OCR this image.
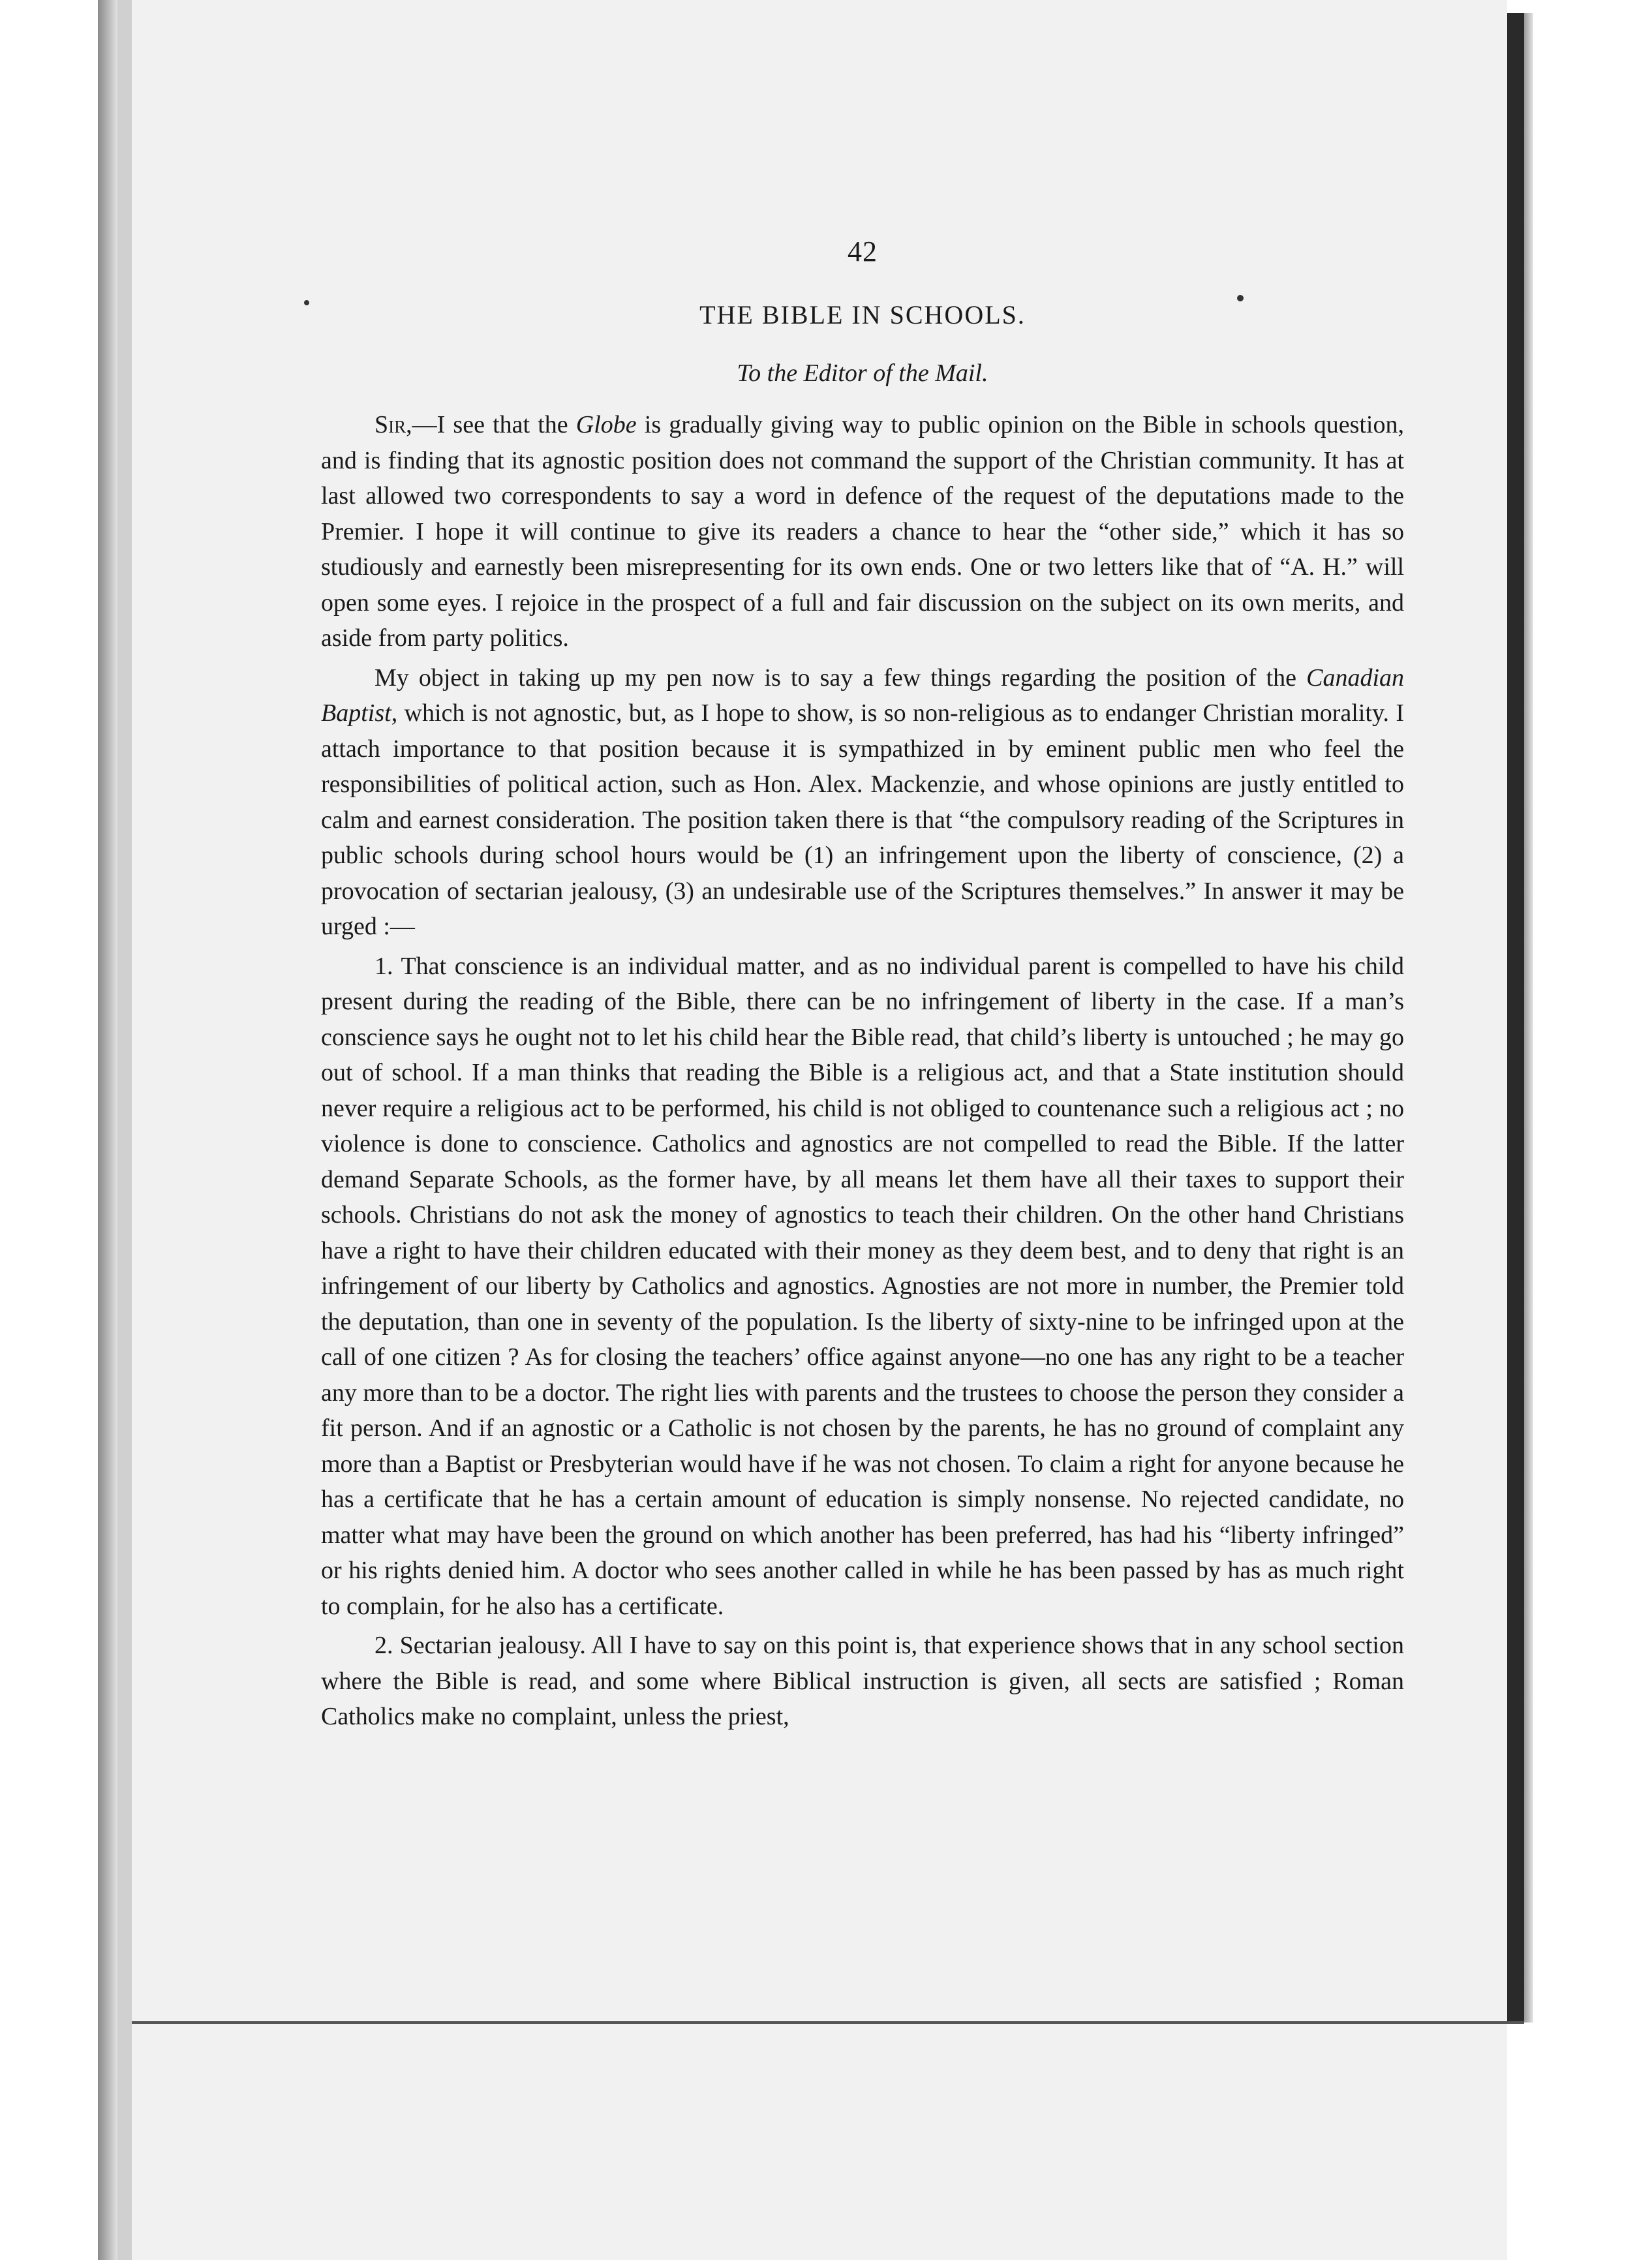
42
THE BIBLE IN SCHOOLS.
To the Editor of the Mail.

Sir,—I see that the Globe is gradually giving way to public opinion on the Bible in schools question, and is finding that its agnostic position does not command the support of the Christian community. It has at last allowed two correspondents to say a word in defence of the request of the deputations made to the Premier. I hope it will continue to give its readers a chance to hear the “other side,” which it has so studiously and earnestly been misrepresenting for its own ends. One or two letters like that of “A. H.” will open some eyes. I rejoice in the prospect of a full and fair discussion on the subject on its own merits, and aside from party politics.

My object in taking up my pen now is to say a few things regarding the position of the Canadian Baptist, which is not agnostic, but, as I hope to show, is so non-religious as to endanger Christian morality. I attach importance to that position because it is sympathized in by eminent public men who feel the responsibilities of political action, such as Hon. Alex. Mackenzie, and whose opinions are justly entitled to calm and earnest consideration. The position taken there is that “the compulsory reading of the Scriptures in public schools during school hours would be (1) an infringement upon the liberty of conscience, (2) a provocation of sectarian jealousy, (3) an undesirable use of the Scriptures themselves.” In answer it may be urged :—

1. That conscience is an individual matter, and as no individual parent is compelled to have his child present during the reading of the Bible, there can be no infringement of liberty in the case. If a man’s conscience says he ought not to let his child hear the Bible read, that child’s liberty is untouched ; he may go out of school. If a man thinks that reading the Bible is a religious act, and that a State institution should never require a religious act to be performed, his child is not obliged to countenance such a religious act ; no violence is done to conscience. Catholics and agnostics are not compelled to read the Bible. If the latter demand Separate Schools, as the former have, by all means let them have all their taxes to support their schools. Christians do not ask the money of agnostics to teach their children. On the other hand Christians have a right to have their children educated with their money as they deem best, and to deny that right is an infringement of our liberty by Catholics and agnostics. Agnosties are not more in number, the Premier told the deputation, than one in seventy of the population. Is the liberty of sixty-nine to be infringed upon at the call of one citizen ? As for closing the teachers’ office against anyone—no one has any right to be a teacher any more than to be a doctor. The right lies with parents and the trustees to choose the person they consider a fit person. And if an agnostic or a Catholic is not chosen by the parents, he has no ground of complaint any more than a Baptist or Presbyterian would have if he was not chosen. To claim a right for anyone because he has a certificate that he has a certain amount of education is simply nonsense. No rejected candidate, no matter what may have been the ground on which another has been preferred, has had his “liberty infringed” or his rights denied him. A doctor who sees another called in while he has been passed by has as much right to complain, for he also has a certificate.

2. Sectarian jealousy. All I have to say on this point is, that experience shows that in any school section where the Bible is read, and some where Biblical instruction is given, all sects are satisfied ; Roman Catholics make no complaint, unless the priest,
